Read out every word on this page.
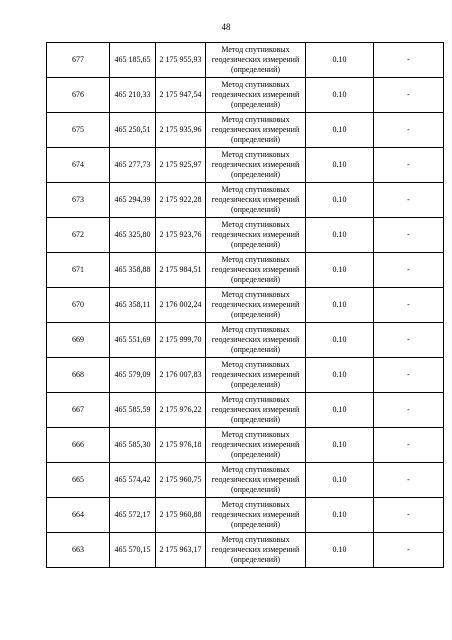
48
677	465 185,65	2 175 955,93	Метод спутниковых
геодезических измерений
(определений)	0.10	-
676	465 210,33	2 175 947,54	Метод спутниковых
геодезических измерений
(определений)	0.10	-
675	465 250,51	2 175 935,96	Метод спутниковых
геодезических измерений
(определений)	0.10	-
674	465 277,73	2 175 925,97	Метод спутниковых
геодезических измерений
(определений)	0.10	-
673	465 294,39	2 175 922,28	Метод спутниковых
геодезических измерений
(определений)	0.10	-
672	465 325,80	2 175 923,76	Метод спутниковых
геодезических измерений
(определений)	0.10	-
671	465 358,88	2 175 984,51	Метод спутниковых
геодезических измерений
(определений)	0.10	-
670	465 358,11	2 176 002,24	Метод спутниковых
геодезических измерений
(определений)	0.10	-
669	465 551,69	2 175 999,70	Метод спутниковых
геодезических измерений
(определений)	0.10	-
668	465 579,09	2 176 007,83	Метод спутниковых
геодезических измерений
(определений)	0.10	-
667	465 585,59	2 175 976,22	Метод спутниковых
геодезических измерений
(определений)	0.10	-
666	465 585,30	2 175 976,18	Метод спутниковых
геодезических измерений
(определений)	0.10	-
665	465 574,42	2 175 960,75	Метод спутниковых
геодезических измерений
(определений)	0.10	-
664	465 572,17	2 175 960,88	Метод спутниковых
геодезических измерений
(определений)	0.10	-
663	465 570,15	2 175 963,17	Метод спутниковых
геодезических измерений
(определений)	0.10	-
